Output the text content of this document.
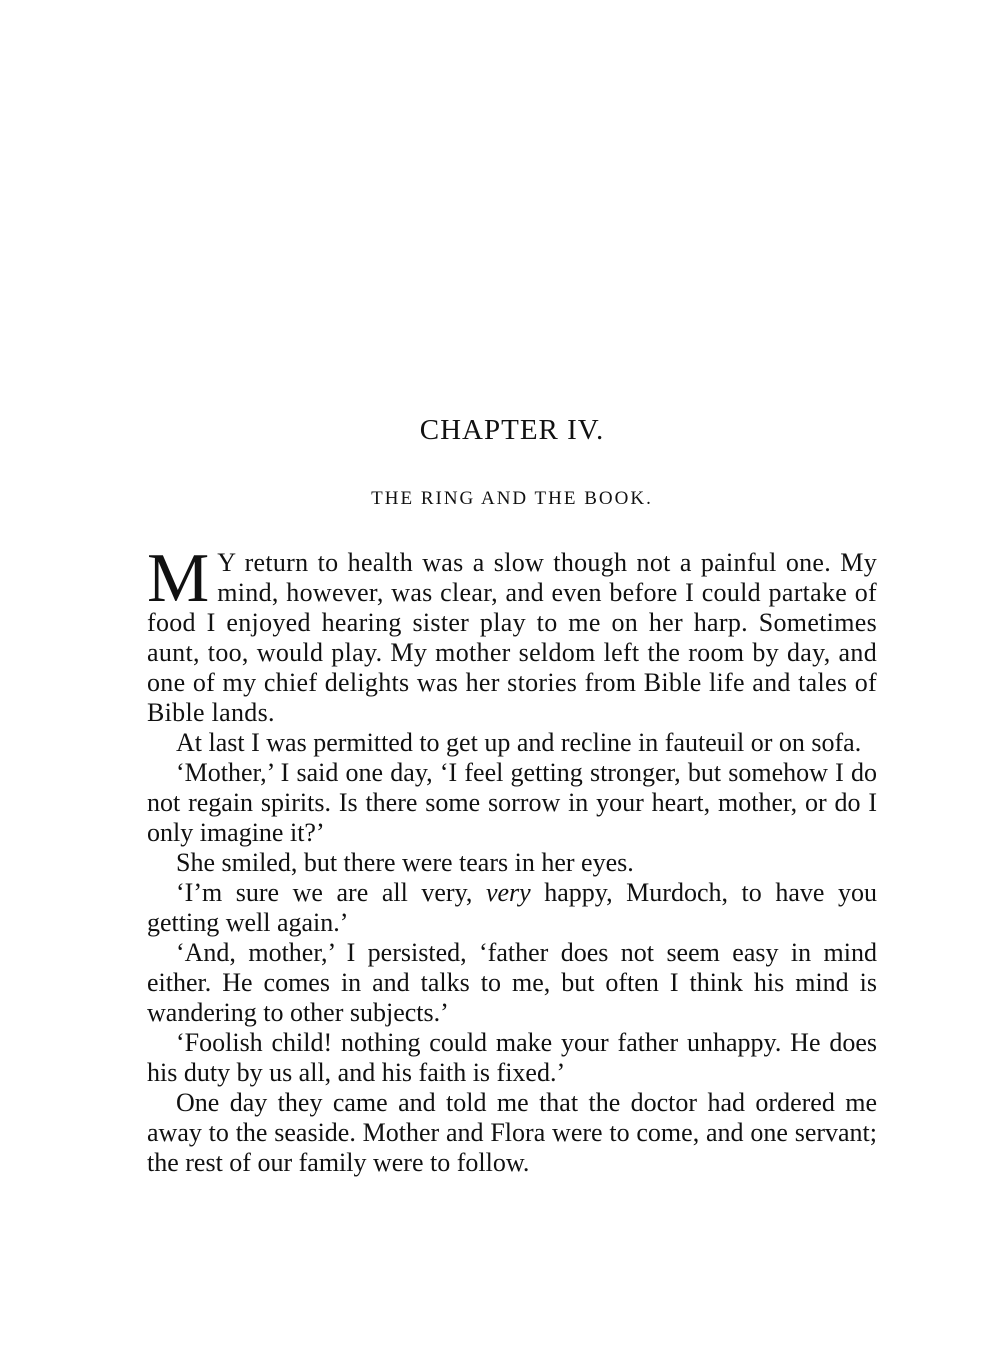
CHAPTER IV.
THE RING AND THE BOOK.

M Y return to health was a slow though not a painful one. My mind, however, was clear, and even before I could partake of food I enjoyed hearing sister play to me on her harp. Sometimes aunt, too, would play. My mother seldom left the room by day, and one of my chief delights was her stories from Bible life and tales of Bible lands.

At last I was permitted to get up and recline in fauteuil or on sofa.

‘Mother,’ I said one day, ‘I feel getting stronger, but somehow I do not regain spirits. Is there some sorrow in your heart, mother, or do I only imagine it?’

She smiled, but there were tears in her eyes.

‘I’m sure we are all very, very happy, Murdoch, to have you getting well again.’

‘And, mother,’ I persisted, ‘father does not seem easy in mind either. He comes in and talks to me, but often I think his mind is wandering to other subjects.’

‘Foolish child! nothing could make your father unhappy. He does his duty by us all, and his faith is fixed.’

One day they came and told me that the doctor had ordered me away to the seaside. Mother and Flora were to come, and one servant; the rest of our family were to follow.
